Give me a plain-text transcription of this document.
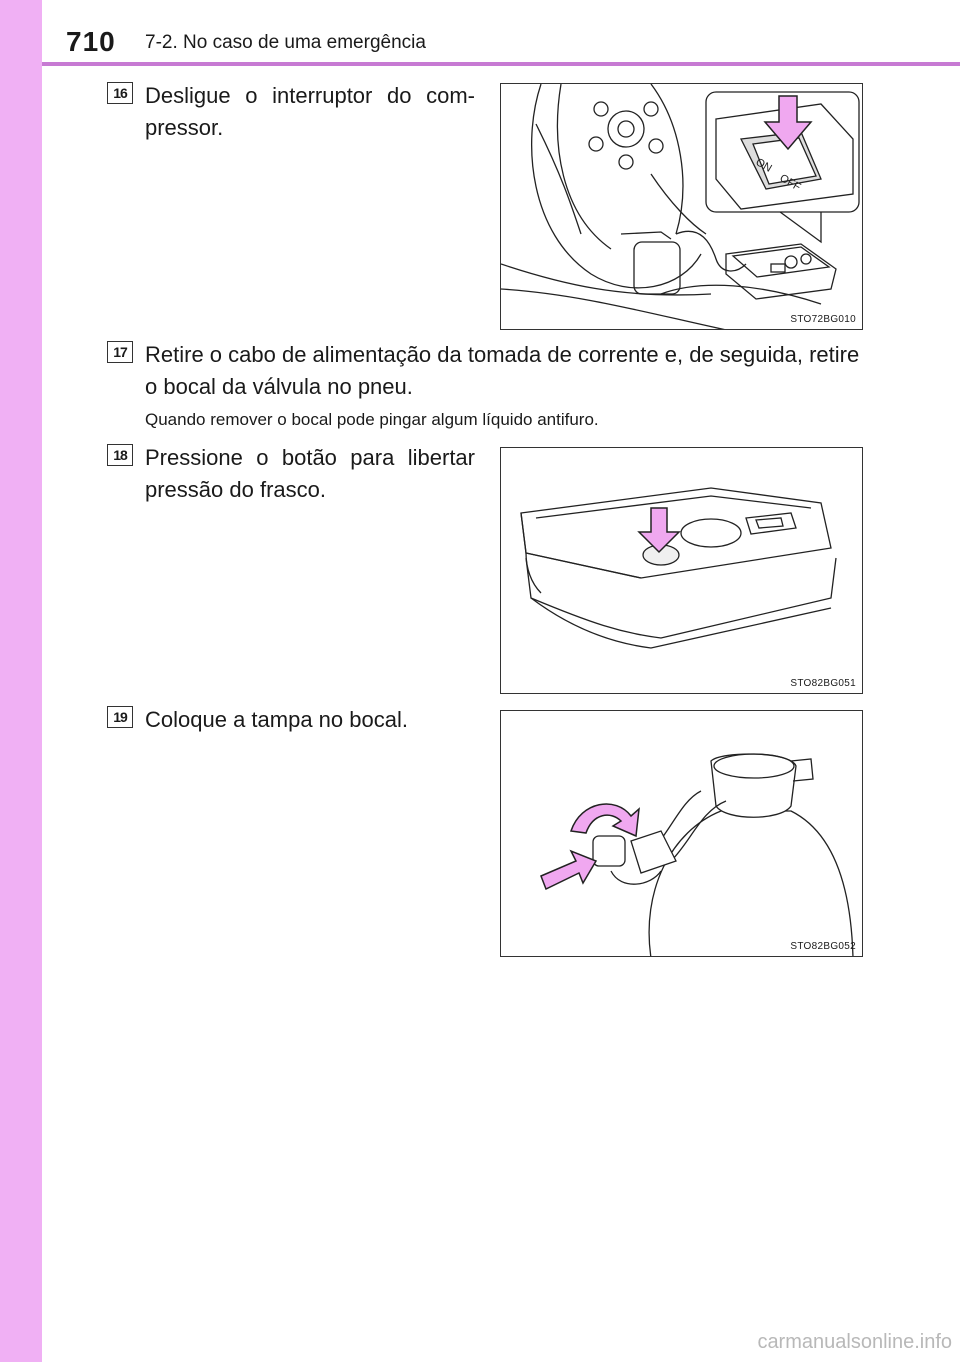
710 7-2. No caso de uma emergência
16 Desligue o interruptor do com- pressor.
ON
OFF
STO72BG010
17 Retire o cabo de alimentação da tomada de corrente e, de seguida, retire o bocal da válvula no pneu.
Quando remover o bocal pode pingar algum líquido antifuro.
18 Pressione o botão para libertar pressão do frasco.
STO82BG051
19 Coloque a tampa no bocal.
STO82BG052
carmanualsonline.info
